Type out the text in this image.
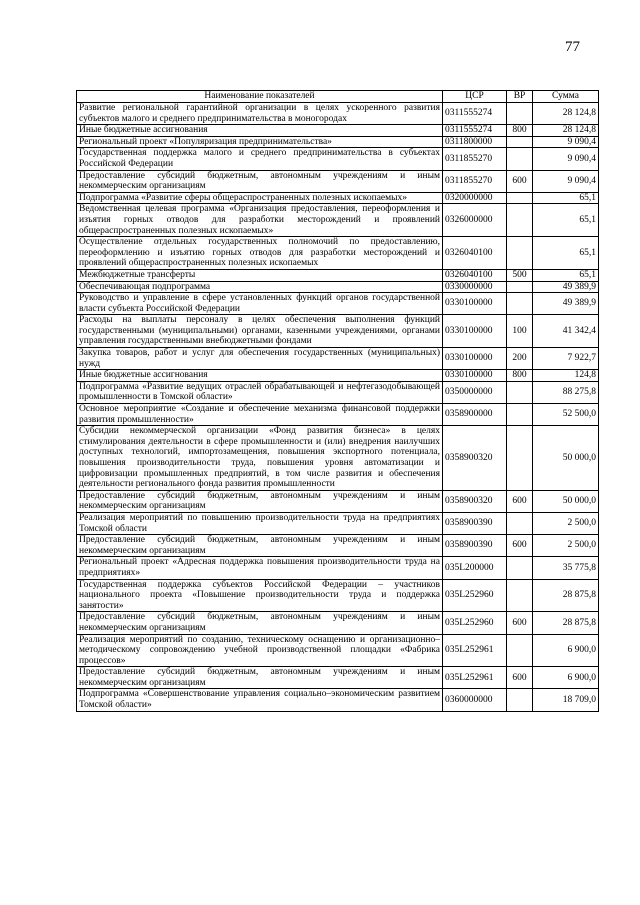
77
Наименование показателей	ЦСР	ВР	Сумма
Развитие региональной гарантийной организации в целях ускоренного развития субъектов малого и среднего предпринимательства в моногородах	0311555274		28 124,8
Иные бюджетные ассигнования	0311555274	800	28 124,8
Региональный проект «Популяризация предпринимательства»	0311800000		9 090,4
Государственная поддержка малого и среднего предпринимательства в субъектах Российской Федерации	0311855270		9 090,4
Предоставление субсидий бюджетным, автономным учреждениям и иным некоммерческим организациям	0311855270	600	9 090,4
Подпрограмма «Развитие сферы общераспространенных полезных ископаемых»	0320000000		65,1
Ведомственная целевая программа «Организация предоставления, переоформления и изъятия горных отводов для разработки месторождений и проявлений общераспространенных полезных ископаемых»	0326000000		65,1
Осуществление отдельных государственных полномочий по предоставлению, переоформлению и изъятию горных отводов для разработки месторождений и проявлений общераспространенных полезных ископаемых	0326040100		65,1
Межбюджетные трансферты	0326040100	500	65,1
Обеспечивающая подпрограмма	0330000000		49 389,9
Руководство и управление в сфере установленных функций органов государственной власти субъекта Российской Федерации	0330100000		49 389,9
Расходы на выплаты персоналу в целях обеспечения выполнения функций государственными (муниципальными) органами, казенными учреждениями, органами управления государственными внебюджетными фондами	0330100000	100	41 342,4
Закупка товаров, работ и услуг для обеспечения государственных (муниципальных) нужд	0330100000	200	7 922,7
Иные бюджетные ассигнования	0330100000	800	124,8
Подпрограмма «Развитие ведущих отраслей обрабатывающей и нефтегазодобывающей промышленности в Томской области»	0350000000		88 275,8
Основное мероприятие «Создание и обеспечение механизма финансовой поддержки развития промышленности»	0358900000		52 500,0
Субсидии некоммерческой организации «Фонд развития бизнеса» в целях стимулирования деятельности в сфере промышленности и (или) внедрения наилучших доступных технологий, импортозамещения, повышения экспортного потенциала, повышения производительности труда, повышения уровня автоматизации и цифровизации промышленных предприятий, в том числе развития и обеспечения деятельности регионального фонда развития промышленности	0358900320		50 000,0
Предоставление субсидий бюджетным, автономным учреждениям и иным некоммерческим организациям	0358900320	600	50 000,0
Реализация мероприятий по повышению производительности труда на предприятиях Томской области	0358900390		2 500,0
Предоставление субсидий бюджетным, автономным учреждениям и иным некоммерческим организациям	0358900390	600	2 500,0
Региональный проект «Адресная поддержка повышения производительности труда на предприятиях»	035L200000		35 775,8
Государственная поддержка субъектов Российской Федерации – участников национального проекта «Повышение производительности труда и поддержка занятости»	035L252960		28 875,8
Предоставление субсидий бюджетным, автономным учреждениям и иным некоммерческим организациям	035L252960	600	28 875,8
Реализация мероприятий по созданию, техническому оснащению и организационно–методическому сопровождению учебной производственной площадки «Фабрика процессов»	035L252961		6 900,0
Предоставление субсидий бюджетным, автономным учреждениям и иным некоммерческим организациям	035L252961	600	6 900,0
Подпрограмма «Совершенствование управления социально–экономическим развитием Томской области»	0360000000		18 709,0
